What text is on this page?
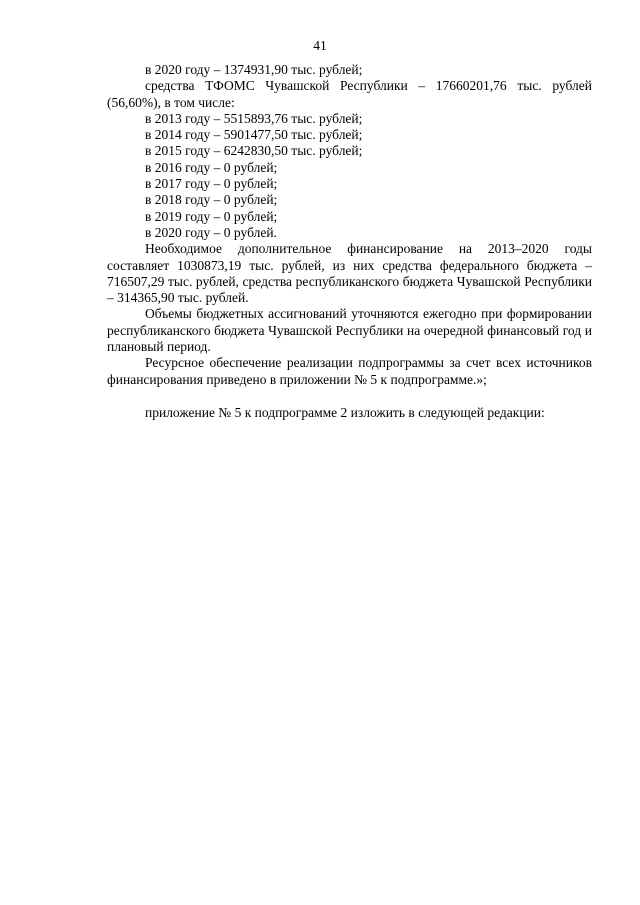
41

в 2020 году – 1374931,90 тыс. рублей;

средства ТФОМС Чувашской Республики – 17660201,76 тыс. рублей (56,60%), в том числе:

в 2013 году – 5515893,76 тыс. рублей;

в 2014 году – 5901477,50 тыс. рублей;

в 2015 году – 6242830,50 тыс. рублей;

в 2016 году – 0 рублей;

в 2017 году – 0 рублей;

в 2018 году – 0 рублей;

в 2019 году – 0 рублей;

в 2020 году – 0 рублей.

Необходимое дополнительное финансирование на 2013–2020 годы составляет 1030873,19 тыс. рублей, из них средства федерального бюджета – 716507,29 тыс. рублей, средства республиканского бюджета Чувашской Республики – 314365,90 тыс. рублей.

Объемы бюджетных ассигнований уточняются ежегодно при формировании республиканского бюджета Чувашской Республики на очередной финансовый год и плановый период.

Ресурсное обеспечение реализации подпрограммы за счет всех источников финансирования приведено в приложении № 5 к подпрограмме.»;

приложение № 5 к подпрограмме 2 изложить в следующей редакции:
